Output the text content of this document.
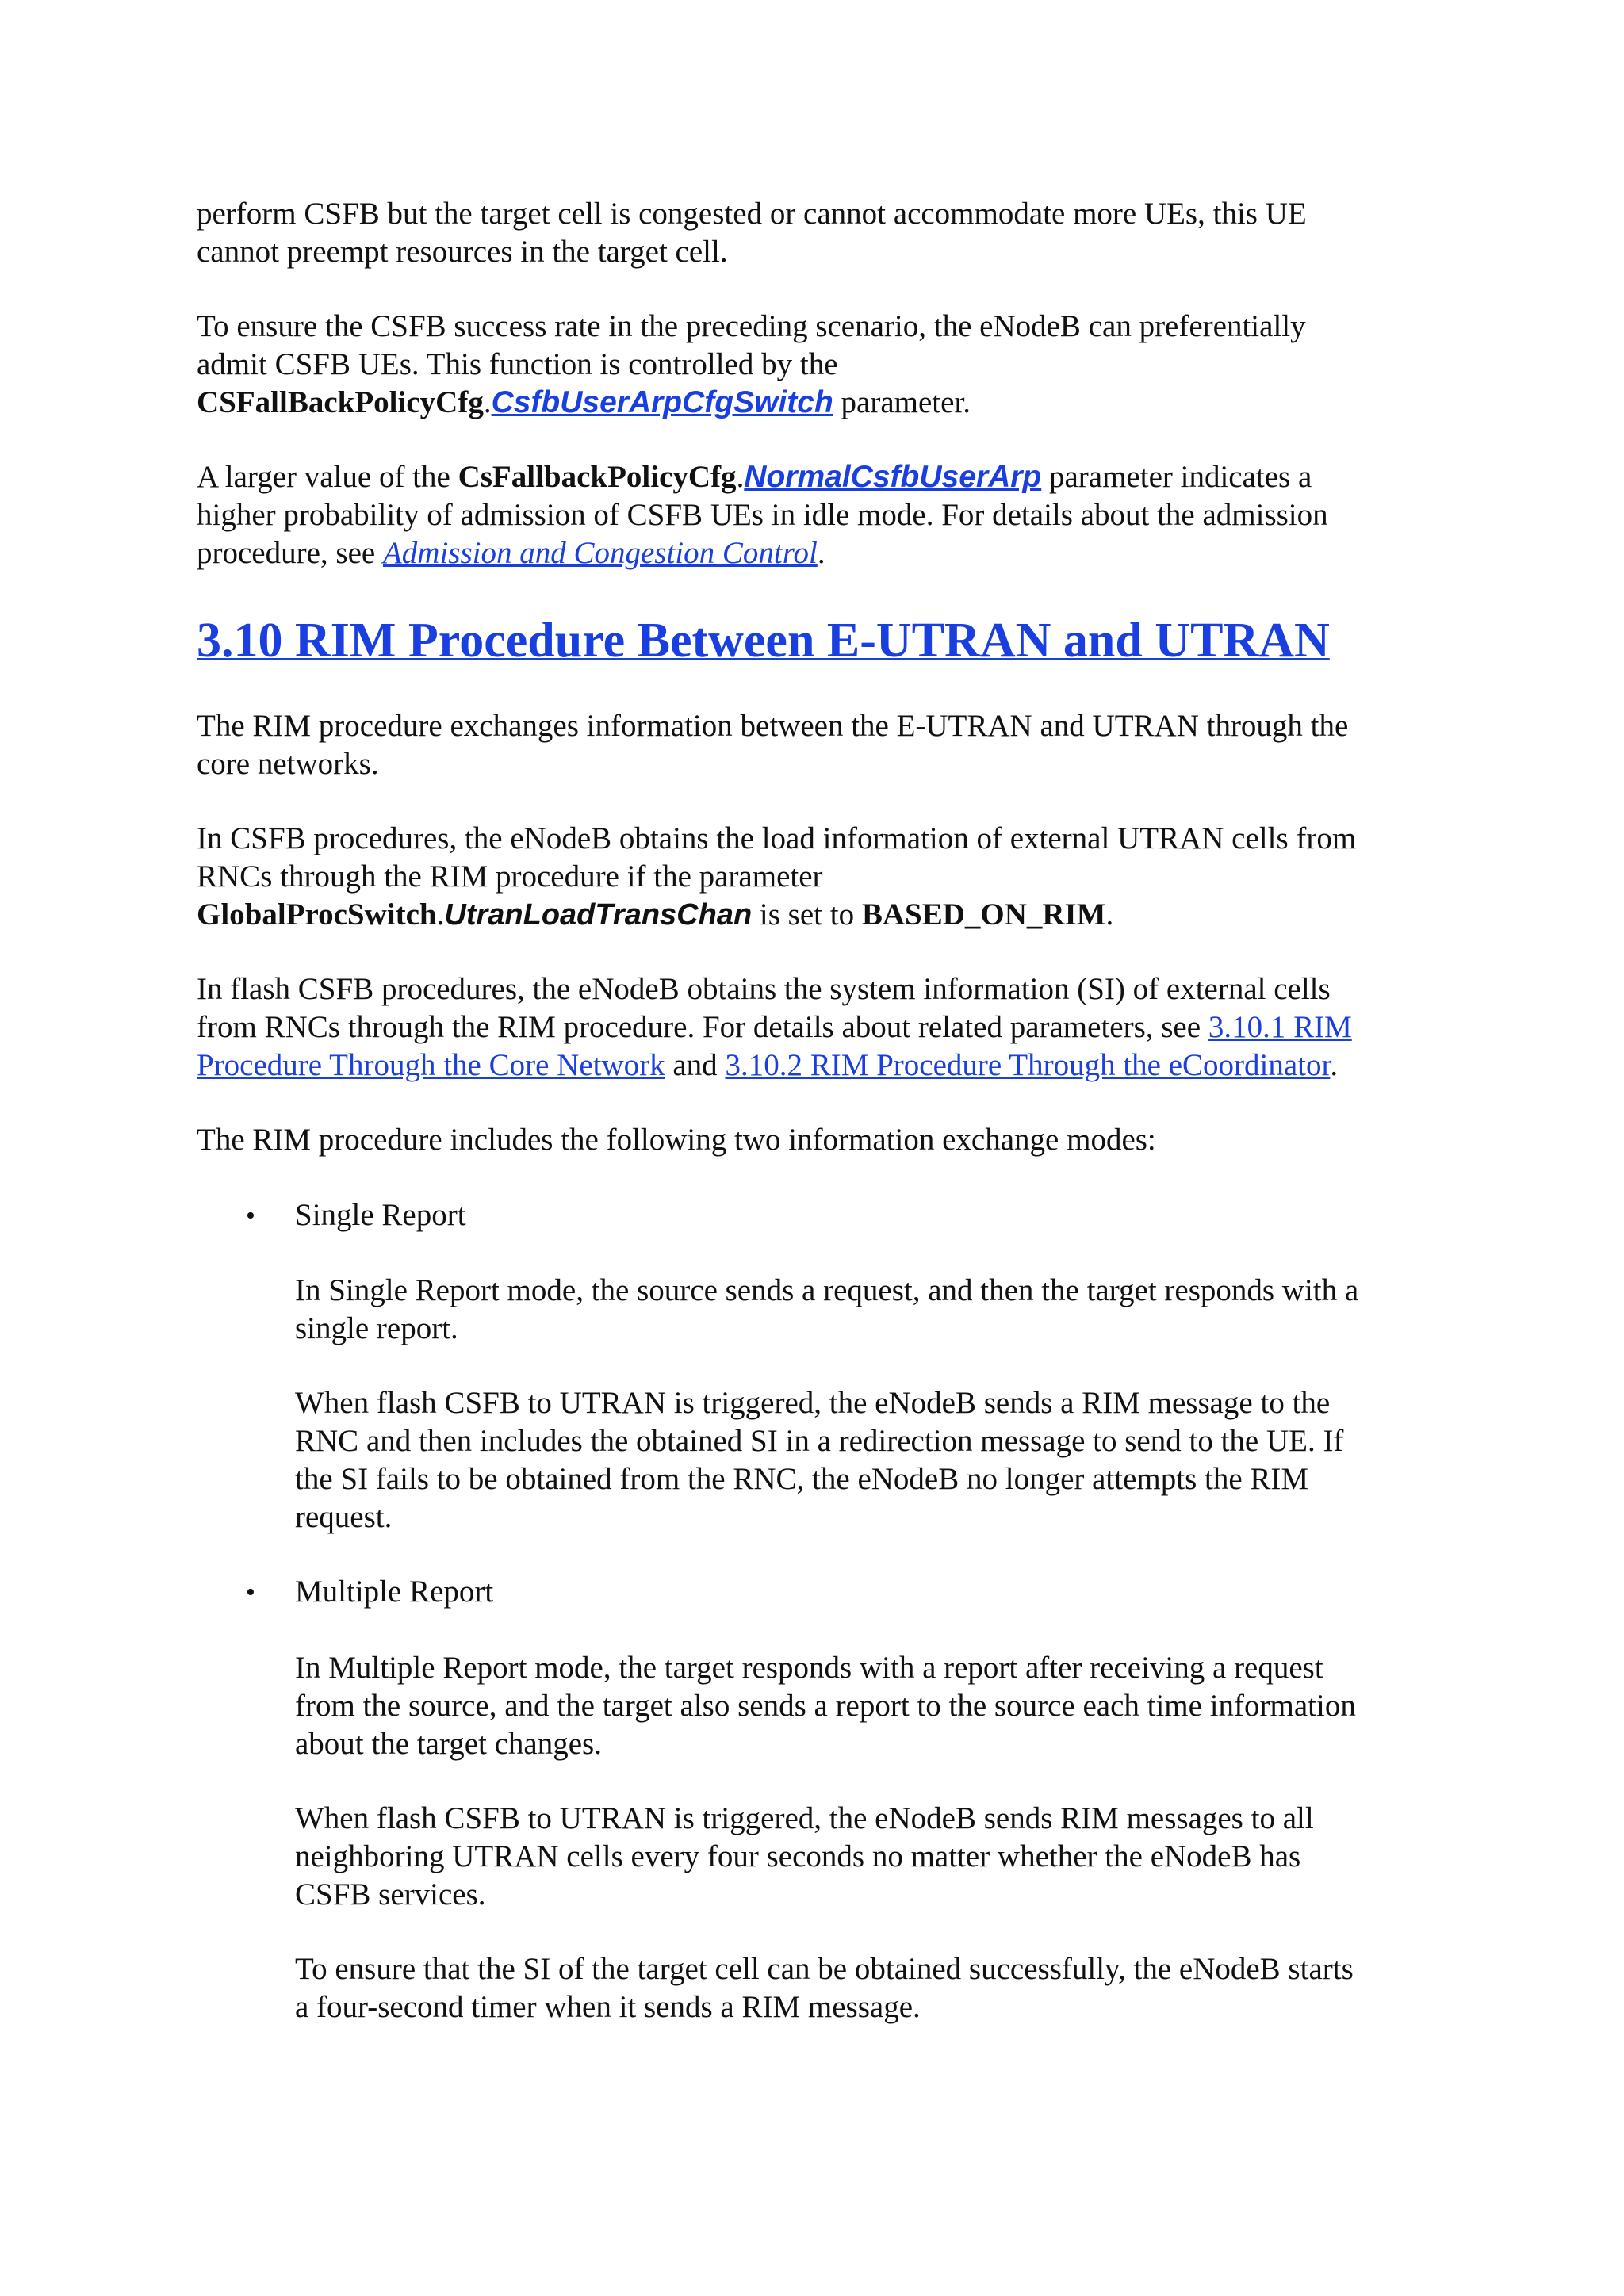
perform CSFB but the target cell is congested or cannot accommodate more UEs, this UE
cannot preempt resources in the target cell.
To ensure the CSFB success rate in the preceding scenario, the eNodeB can preferentially
admit CSFB UEs. This function is controlled by the
CSFallBackPolicyCfg.CsfbUserArpCfgSwitch parameter.
A larger value of the CsFallbackPolicyCfg.NormalCsfbUserArp parameter indicates a
higher probability of admission of CSFB UEs in idle mode. For details about the admission
procedure, see Admission and Congestion Control.
3.10 RIM Procedure Between E-UTRAN and UTRAN
The RIM procedure exchanges information between the E-UTRAN and UTRAN through the
core networks.
In CSFB procedures, the eNodeB obtains the load information of external UTRAN cells from
RNCs through the RIM procedure if the parameter
GlobalProcSwitch.UtranLoadTransChan is set to BASED_ON_RIM.
In flash CSFB procedures, the eNodeB obtains the system information (SI) of external cells
from RNCs through the RIM procedure. For details about related parameters, see 3.10.1 RIM
Procedure Through the Core Network and 3.10.2 RIM Procedure Through the eCoordinator.
The RIM procedure includes the following two information exchange modes:
• Single Report
In Single Report mode, the source sends a request, and then the target responds with a
single report.
When flash CSFB to UTRAN is triggered, the eNodeB sends a RIM message to the
RNC and then includes the obtained SI in a redirection message to send to the UE. If
the SI fails to be obtained from the RNC, the eNodeB no longer attempts the RIM
request.
• Multiple Report
In Multiple Report mode, the target responds with a report after receiving a request
from the source, and the target also sends a report to the source each time information
about the target changes.
When flash CSFB to UTRAN is triggered, the eNodeB sends RIM messages to all
neighboring UTRAN cells every four seconds no matter whether the eNodeB has
CSFB services.
To ensure that the SI of the target cell can be obtained successfully, the eNodeB starts
a four-second timer when it sends a RIM message.
